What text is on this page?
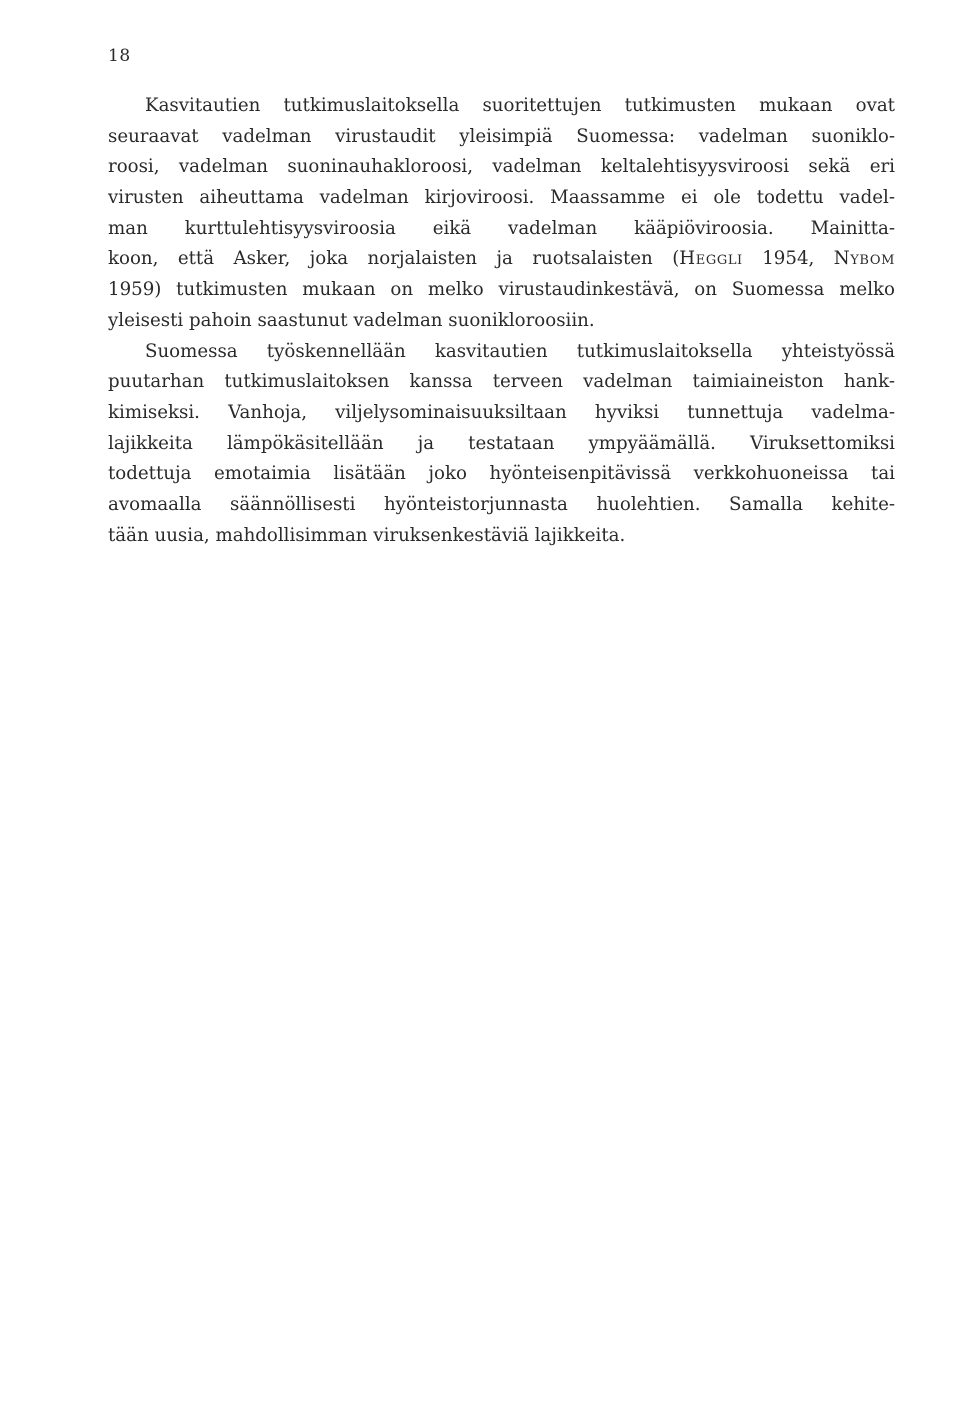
18
Kasvitautien tutkimuslaitoksella suoritettujen tutkimusten mukaan ovat
seuraavat vadelman virustaudit yleisimpiä Suomessa: vadelman suoniklo-
roosi, vadelman suoninauhakloroosi, vadelman keltalehtisyysviroosi sekä eri
virusten aiheuttama vadelman kirjoviroosi. Maassamme ei ole todettu vadel-
man kurttulehtisyysviroosia eikä vadelman kääpiöviroosia. Mainitta-
koon, että Asker, joka norjalaisten ja ruotsalaisten (Heggli 1954, Nybom
1959) tutkimusten mukaan on melko virustaudinkestävä, on Suomessa melko
yleisesti pahoin saastunut vadelman suonikloroosiin.
Suomessa työskennellään kasvitautien tutkimuslaitoksella yhteistyössä
puutarhan tutkimuslaitoksen kanssa terveen vadelman taimiaineiston hank-
kimiseksi. Vanhoja, viljelysominaisuuksiltaan hyviksi tunnettuja vadelma-
lajikkeita lämpökäsitellään ja testataan ympyäämällä. Viruksettomiksi
todettuja emotaimia lisätään joko hyönteisenpitävissä verkkohuoneissa tai
avomaalla säännöllisesti hyönteistorjunnasta huolehtien. Samalla kehite-
tään uusia, mahdollisimman viruksenkestäviä lajikkeita.
